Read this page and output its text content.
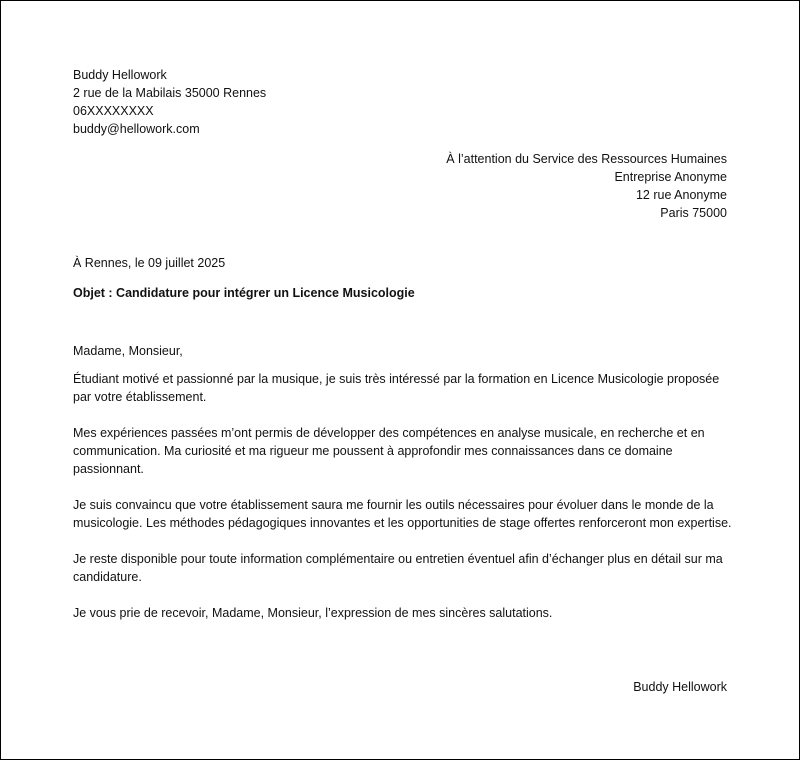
Buddy Hellowork
2 rue de la Mabilais 35000 Rennes
06XXXXXXXX
buddy@hellowork.com
À l’attention du Service des Ressources Humaines
Entreprise Anonyme
12 rue Anonyme
Paris 75000
À Rennes, le 09 juillet 2025
Objet : Candidature pour intégrer un Licence Musicologie

Madame, Monsieur,

Étudiant motivé et passionné par la musique, je suis très intéressé par la formation en Licence Musicologie proposée par votre établissement.

Mes expériences passées m’ont permis de développer des compétences en analyse musicale, en recherche et en communication. Ma curiosité et ma rigueur me poussent à approfondir mes connaissances dans ce domaine passionnant.

Je suis convaincu que votre établissement saura me fournir les outils nécessaires pour évoluer dans le monde de la musicologie. Les méthodes pédagogiques innovantes et les opportunities de stage offertes renforceront mon expertise.

Je reste disponible pour toute information complémentaire ou entretien éventuel afin d’échanger plus en détail sur ma candidature.

Je vous prie de recevoir, Madame, Monsieur, l’expression de mes sincères salutations.

Buddy Hellowork
